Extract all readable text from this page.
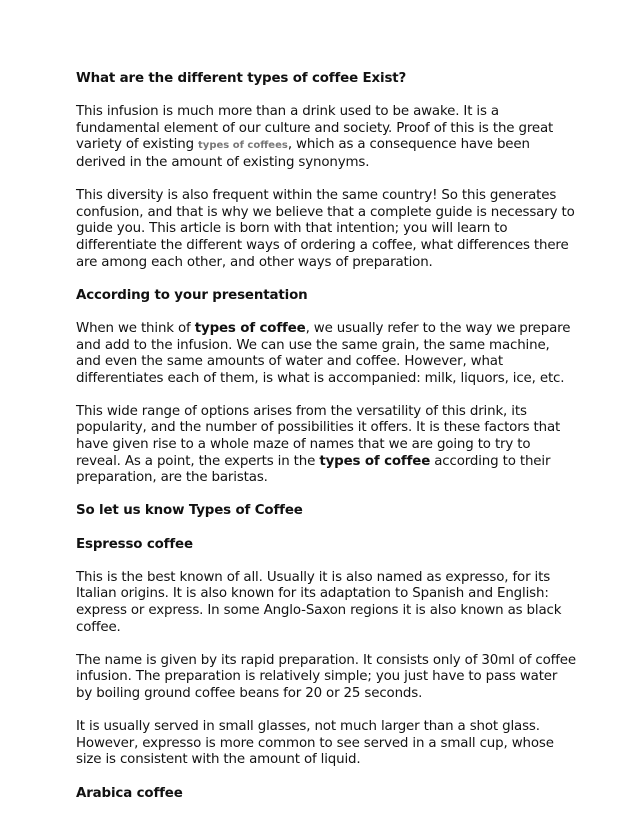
What are the different types of coffee Exist?

This infusion is much more than a drink used to be awake. It is a fundamental element of our culture and society. Proof of this is the great variety of existing types of coffees, which as a consequence have been derived in the amount of existing synonyms.

This diversity is also frequent within the same country! So this generates confusion, and that is why we believe that a complete guide is necessary to guide you. This article is born with that intention; you will learn to differentiate the different ways of ordering a coffee, what differences there are among each other, and other ways of preparation.

According to your presentation

When we think of types of coffee, we usually refer to the way we prepare and add to the infusion. We can use the same grain, the same machine, and even the same amounts of water and coffee. However, what differentiates each of them, is what is accompanied: milk, liquors, ice, etc.

This wide range of options arises from the versatility of this drink, its popularity, and the number of possibilities it offers. It is these factors that have given rise to a whole maze of names that we are going to try to reveal. As a point, the experts in the types of coffee according to their preparation, are the baristas.

So let us know Types of Coffee

Espresso coffee

This is the best known of all. Usually it is also named as expresso, for its Italian origins. It is also known for its adaptation to Spanish and English: express or express. In some Anglo-Saxon regions it is also known as black coffee.

The name is given by its rapid preparation. It consists only of 30ml of coffee infusion. The preparation is relatively simple; you just have to pass water by boiling ground coffee beans for 20 or 25 seconds.

It is usually served in small glasses, not much larger than a shot glass. However, expresso is more common to see served in a small cup, whose size is consistent with the amount of liquid.

Arabica coffee
